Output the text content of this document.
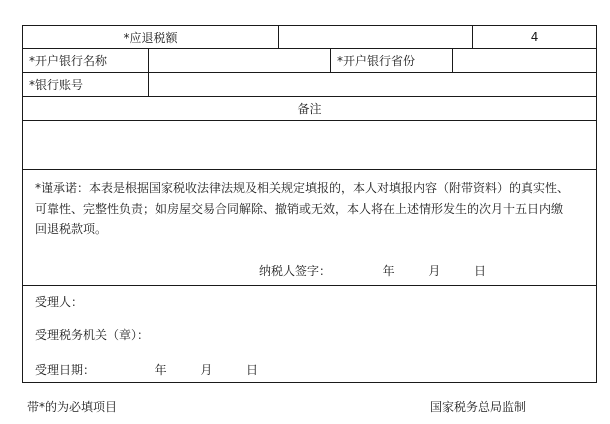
*应退税额					4
*开户银行名称			*开户银行省份		
*银行账号					
备注					

*谨承诺：本表是根据国家税收法律法规及相关规定填报的，本人对填报内容（附带资料）的真实性、
可靠性、完整性负责；如房屋交易合同解除、撤销或无效，本人将在上述情形发生的次月十五日内缴
回退税款项。
纳税人签字： 年 月 日					

受理人：
受理税务机关（章）：
受理日期： 年 月 日					
带*的为必填项目	国家税务总局监制
